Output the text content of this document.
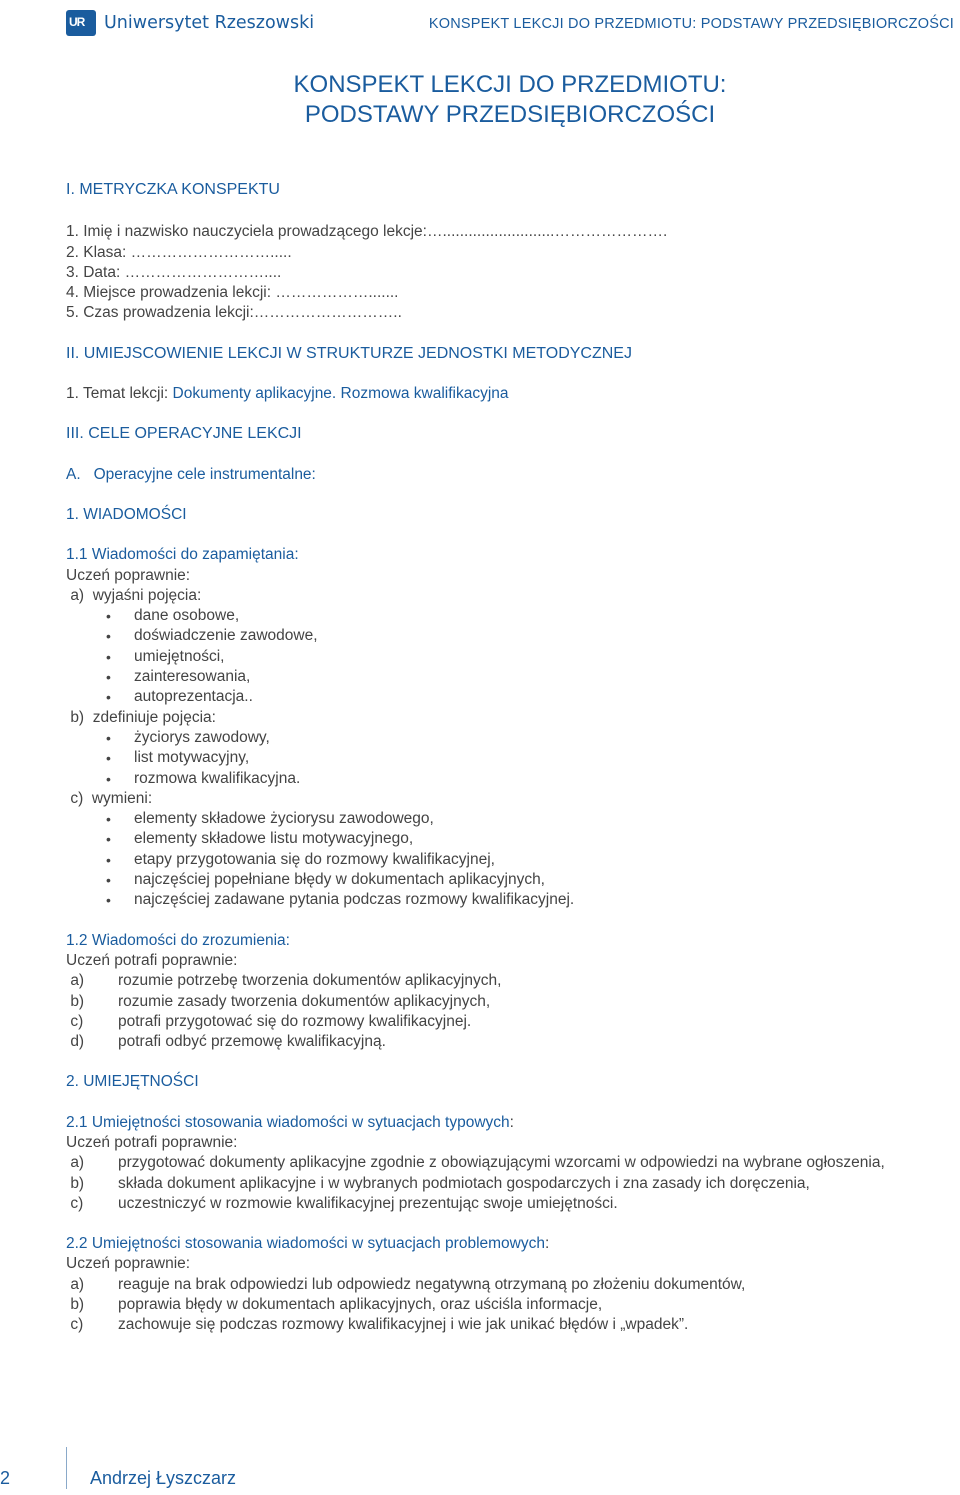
UR Uniwersytet Rzeszowski	KONSPEKT LEKCJI DO PRZEDMIOTU: PODSTAWY PRZEDSIĘBIORCZOŚCI
KONSPEKT LEKCJI DO PRZEDMIOTU:
PODSTAWY PRZEDSIĘBIORCZOŚCI
I. METRYCZKA KONSPEKTU
1. Imię i nazwisko nauczyciela prowadzącego lekcje:…..........................………………….
2. Klasa: ……………………….....
3. Data: ………………………....
4. Miejsce prowadzenia lekcji: ……………….......
5. Czas prowadzenia lekcji:………………………..
II. UMIEJSCOWIENIE LEKCJI W STRUKTURZE JEDNOSTKI METODYCZNEJ
1. Temat lekcji: Dokumenty aplikacyjne. Rozmowa kwalifikacyjna
III. CELE OPERACYJNE LEKCJI
A. Operacyjne cele instrumentalne:
1. WIADOMOŚCI
1.1 Wiadomości do zapamiętania:
Uczeń poprawnie:
a) wyjaśni pojęcia:
•	dane osobowe,
•	doświadczenie zawodowe,
•	umiejętności,
•	zainteresowania,
•	autoprezentacja..
b) zdefiniuje pojęcia:
•	życiorys zawodowy,
•	list motywacyjny,
•	rozmowa kwalifikacyjna.
c) wymieni:
•	elementy składowe życiorysu zawodowego,
•	elementy składowe listu motywacyjnego,
•	etapy przygotowania się do rozmowy kwalifikacyjnej,
•	najczęściej popełniane błędy w dokumentach aplikacyjnych,
•	najczęściej zadawane pytania podczas rozmowy kwalifikacyjnej.
1.2 Wiadomości do zrozumienia:
Uczeń potrafi poprawnie:
a)	rozumie potrzebę tworzenia dokumentów aplikacyjnych,
b)	rozumie zasady tworzenia dokumentów aplikacyjnych,
c)	potrafi przygotować się do rozmowy kwalifikacyjnej.
d)	potrafi odbyć przemowę kwalifikacyjną.
2. UMIEJĘTNOŚCI
2.1 Umiejętności stosowania wiadomości w sytuacjach typowych:
Uczeń potrafi poprawnie:
a)	przygotować dokumenty aplikacyjne zgodnie z obowiązującymi wzorcami w odpowiedzi na wybrane ogłoszenia,
b)	składa dokument aplikacyjne i w wybranych podmiotach gospodarczych i zna zasady ich doręczenia,
c)	uczestniczyć w rozmowie kwalifikacyjnej prezentując swoje umiejętności.
2.2 Umiejętności stosowania wiadomości w sytuacjach problemowych:
Uczeń poprawnie:
a)	reaguje na brak odpowiedzi lub odpowiedz negatywną otrzymaną po złożeniu dokumentów,
b)	poprawia błędy w dokumentach aplikacyjnych, oraz uściśla informacje,
c)	zachowuje się podczas rozmowy kwalifikacyjnej i wie jak unikać błędów i „wpadek”.
2	Andrzej Łyszczarz
